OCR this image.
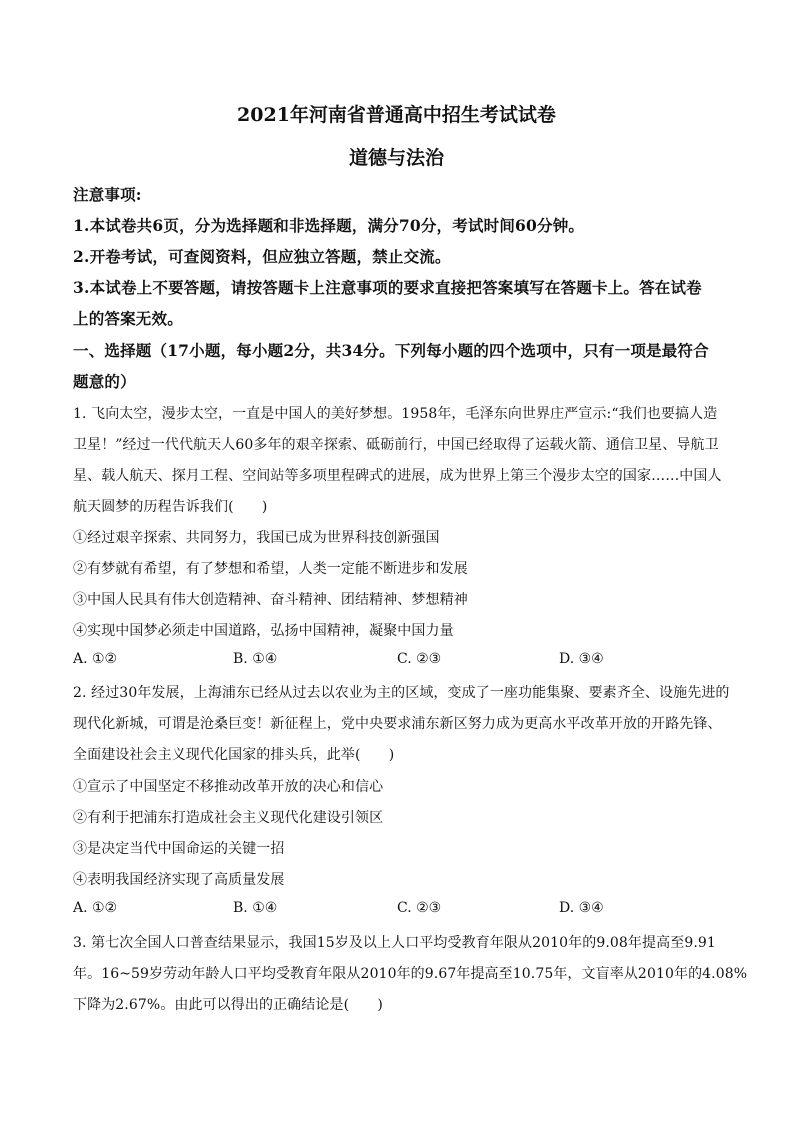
2021年河南省普通高中招生考试试卷
道德与法治
注意事项:
1.本试卷共6页，分为选择题和非选择题，满分70分，考试时间60分钟。
2.开卷考试，可查阅资料，但应独立答题，禁止交流。
3.本试卷上不要答题，请按答题卡上注意事项的要求直接把答案填写在答题卡上。答在试卷
上的答案无效。
一、选择题（17小题，每小题2分，共34分。下列每小题的四个选项中，只有一项是最符合
题意的）
1. 飞向太空，漫步太空，一直是中国人的美好梦想。1958年，毛泽东向世界庄严宣示:“我们也要搞人造
卫星！”经过一代代航天人60多年的艰辛探索、砥砺前行，中国已经取得了运载火箭、通信卫星、导航卫
星、载人航天、探月工程、空间站等多项里程碑式的进展，成为世界上第三个漫步太空的国家……中国人
航天圆梦的历程告诉我们(　　)
①经过艰辛探索、共同努力，我国已成为世界科技创新强国
②有梦就有希望，有了梦想和希望，人类一定能不断进步和发展
③中国人民具有伟大创造精神、奋斗精神、团结精神、梦想精神
④实现中国梦必须走中国道路，弘扬中国精神，凝聚中国力量
A. ①②	B. ①④	C. ②③	D. ③④
2. 经过30年发展，上海浦东已经从过去以农业为主的区域，变成了一座功能集聚、要素齐全、设施先进的
现代化新城，可谓是沧桑巨变！新征程上，党中央要求浦东新区努力成为更高水平改革开放的开路先锋、
全面建设社会主义现代化国家的排头兵，此举(　　)
①宣示了中国坚定不移推动改革开放的决心和信心
②有利于把浦东打造成社会主义现代化建设引领区
③是决定当代中国命运的关键一招
④表明我国经济实现了高质量发展
A. ①②	B. ①④	C. ②③	D. ③④
3. 第七次全国人口普查结果显示，我国15岁及以上人口平均受教育年限从2010年的9.08年提高至9.91
年。16~59岁劳动年龄人口平均受教育年限从2010年的9.67年提高至10.75年，文盲率从2010年的4.08%
下降为2.67%。由此可以得出的正确结论是(　　)
